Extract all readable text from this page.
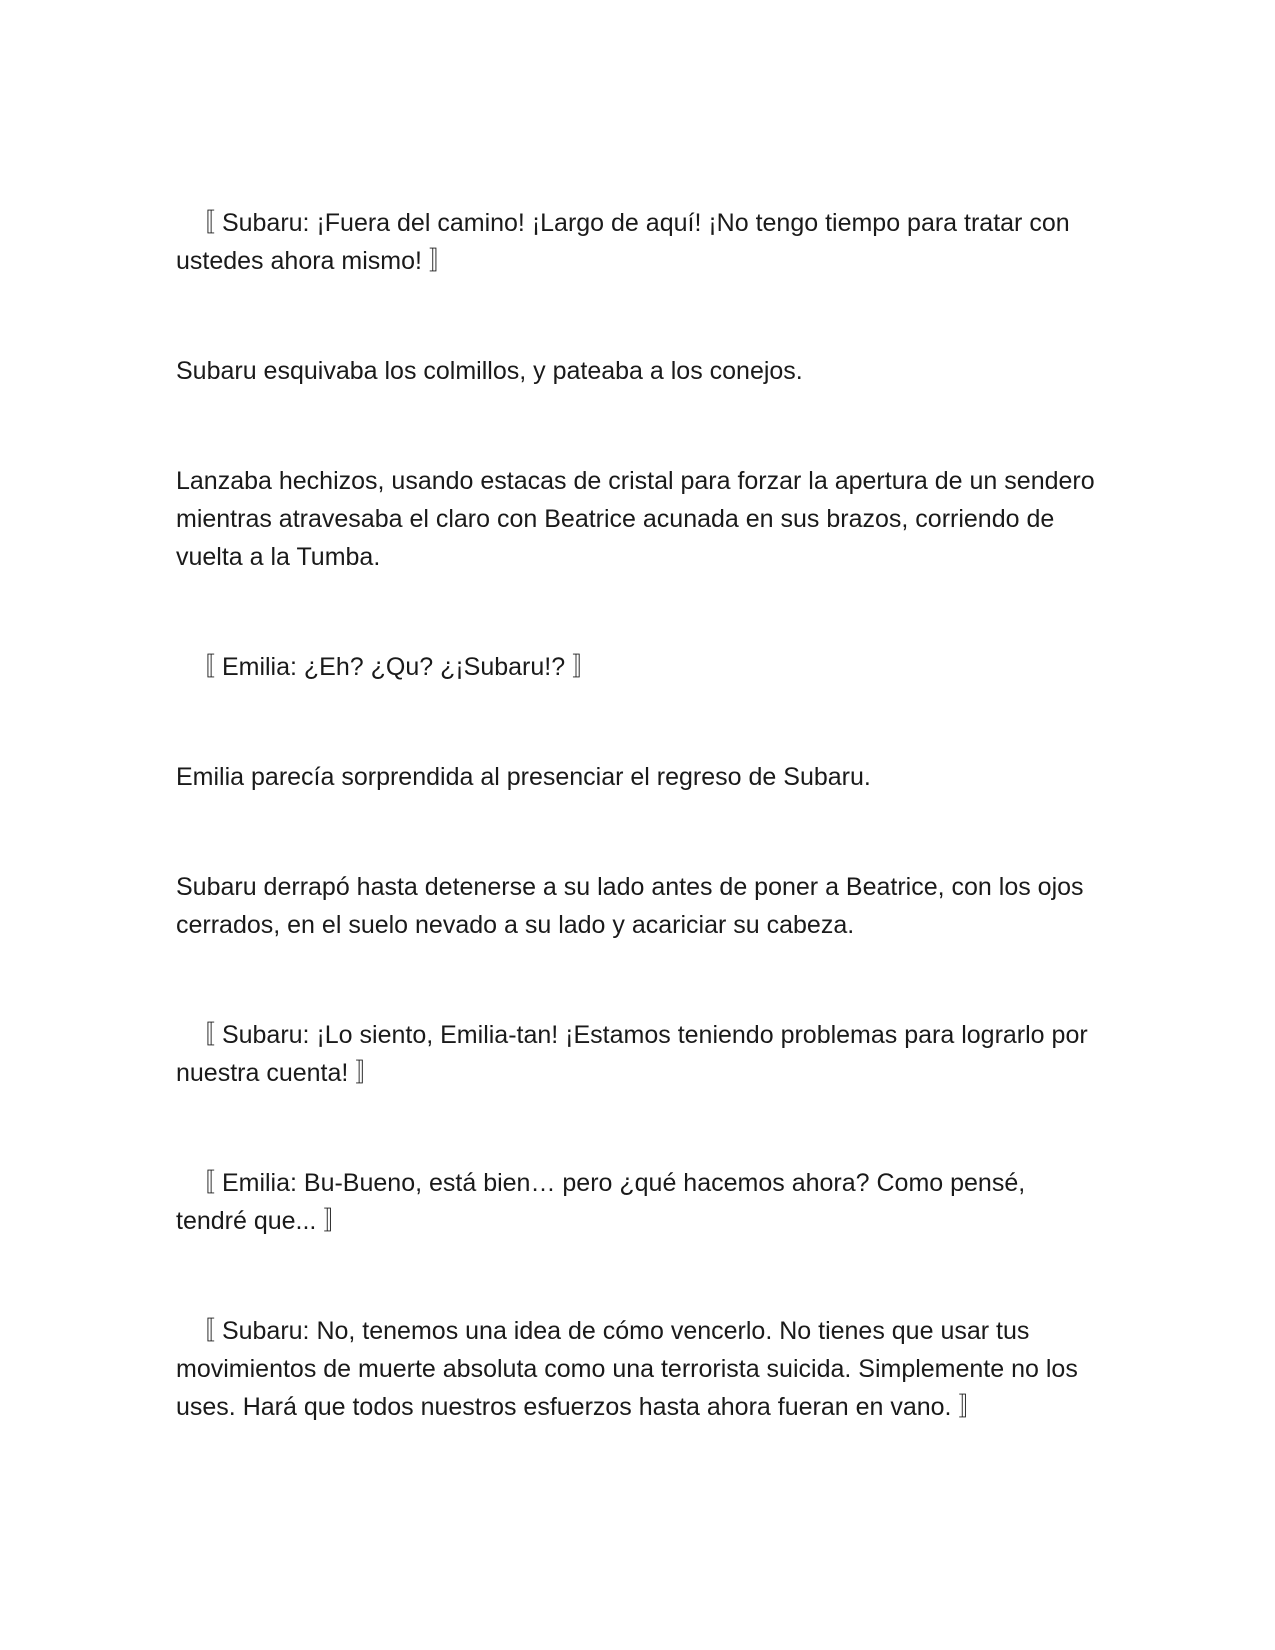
〚 Subaru: ¡Fuera del camino! ¡Largo de aquí! ¡No tengo tiempo para tratar con ustedes ahora mismo! 〛

Subaru esquivaba los colmillos, y pateaba a los conejos.

Lanzaba hechizos, usando estacas de cristal para forzar la apertura de un sendero mientras atravesaba el claro con Beatrice acunada en sus brazos, corriendo de vuelta a la Tumba.

〚 Emilia: ¿Eh? ¿Qu? ¿¡Subaru!? 〛

Emilia parecía sorprendida al presenciar el regreso de Subaru.

Subaru derrapó hasta detenerse a su lado antes de poner a Beatrice, con los ojos cerrados, en el suelo nevado a su lado y acariciar su cabeza.

〚 Subaru: ¡Lo siento, Emilia-tan! ¡Estamos teniendo problemas para lograrlo por nuestra cuenta! 〛

〚 Emilia: Bu-Bueno, está bien… pero ¿qué hacemos ahora? Como pensé, tendré que... 〛

〚 Subaru: No, tenemos una idea de cómo vencerlo. No tienes que usar tus movimientos de muerte absoluta como una terrorista suicida. Simplemente no los uses. Hará que todos nuestros esfuerzos hasta ahora fueran en vano. 〛
